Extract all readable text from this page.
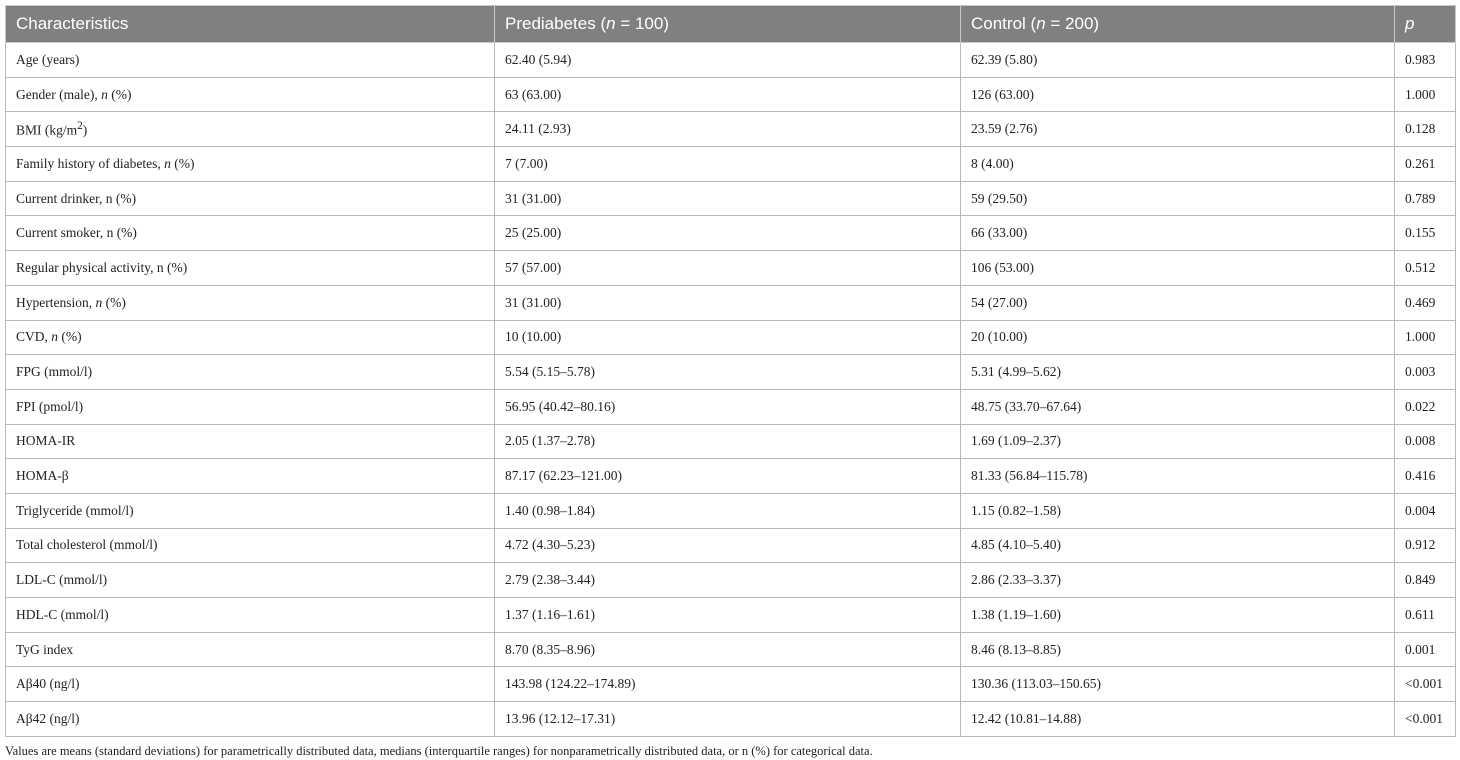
Characteristics	Prediabetes (n = 100)	Control (n = 200)	p
Age (years)	62.40 (5.94)	62.39 (5.80)	0.983
Gender (male), n (%)	63 (63.00)	126 (63.00)	1.000
BMI $(kg/m^2)$	24.11 (2.93)	23.59 (2.76)	0.128
Family history of diabetes, n (%)	7 (7.00)	8 (4.00)	0.261
Current drinker, n (%)	31 (31.00)	59 (29.50)	0.789
Current smoker, n (%)	25 (25.00)	66 (33.00)	0.155
Regular physical activity, n (%)	57 (57.00)	106 (53.00)	0.512
Hypertension, n (%)	31 (31.00)	54 (27.00)	0.469
CVD, n (%)	10 (10.00)	20 (10.00)	1.000
FPG (mmol/l)	5.54 (5.15–5.78)	5.31 (4.99–5.62)	0.003
FPI (pmol/l)	56.95 (40.42–80.16)	48.75 (33.70–67.64)	0.022
HOMA-IR	2.05 (1.37–2.78)	1.69 (1.09–2.37)	0.008
HOMA-β	87.17 (62.23–121.00)	81.33 (56.84–115.78)	0.416
Triglyceride (mmol/l)	1.40 (0.98–1.84)	1.15 (0.82–1.58)	0.004
Total cholesterol (mmol/l)	4.72 (4.30–5.23)	4.85 (4.10–5.40)	0.912
LDL-C (mmol/l)	2.79 (2.38–3.44)	2.86 (2.33–3.37)	0.849
HDL-C (mmol/l)	1.37 (1.16–1.61)	1.38 (1.19–1.60)	0.611
TyG index	8.70 (8.35–8.96)	8.46 (8.13–8.85)	0.001
Aβ40 (ng/l)	143.98 (124.22–174.89)	130.36 (113.03–150.65)	<0.001
Aβ42 (ng/l)	13.96 (12.12–17.31)	12.42 (10.81–14.88)	<0.001
Values are means (standard deviations) for parametrically distributed data, medians (interquartile ranges) for nonparametrically distributed data, or n (%) for categorical data.
